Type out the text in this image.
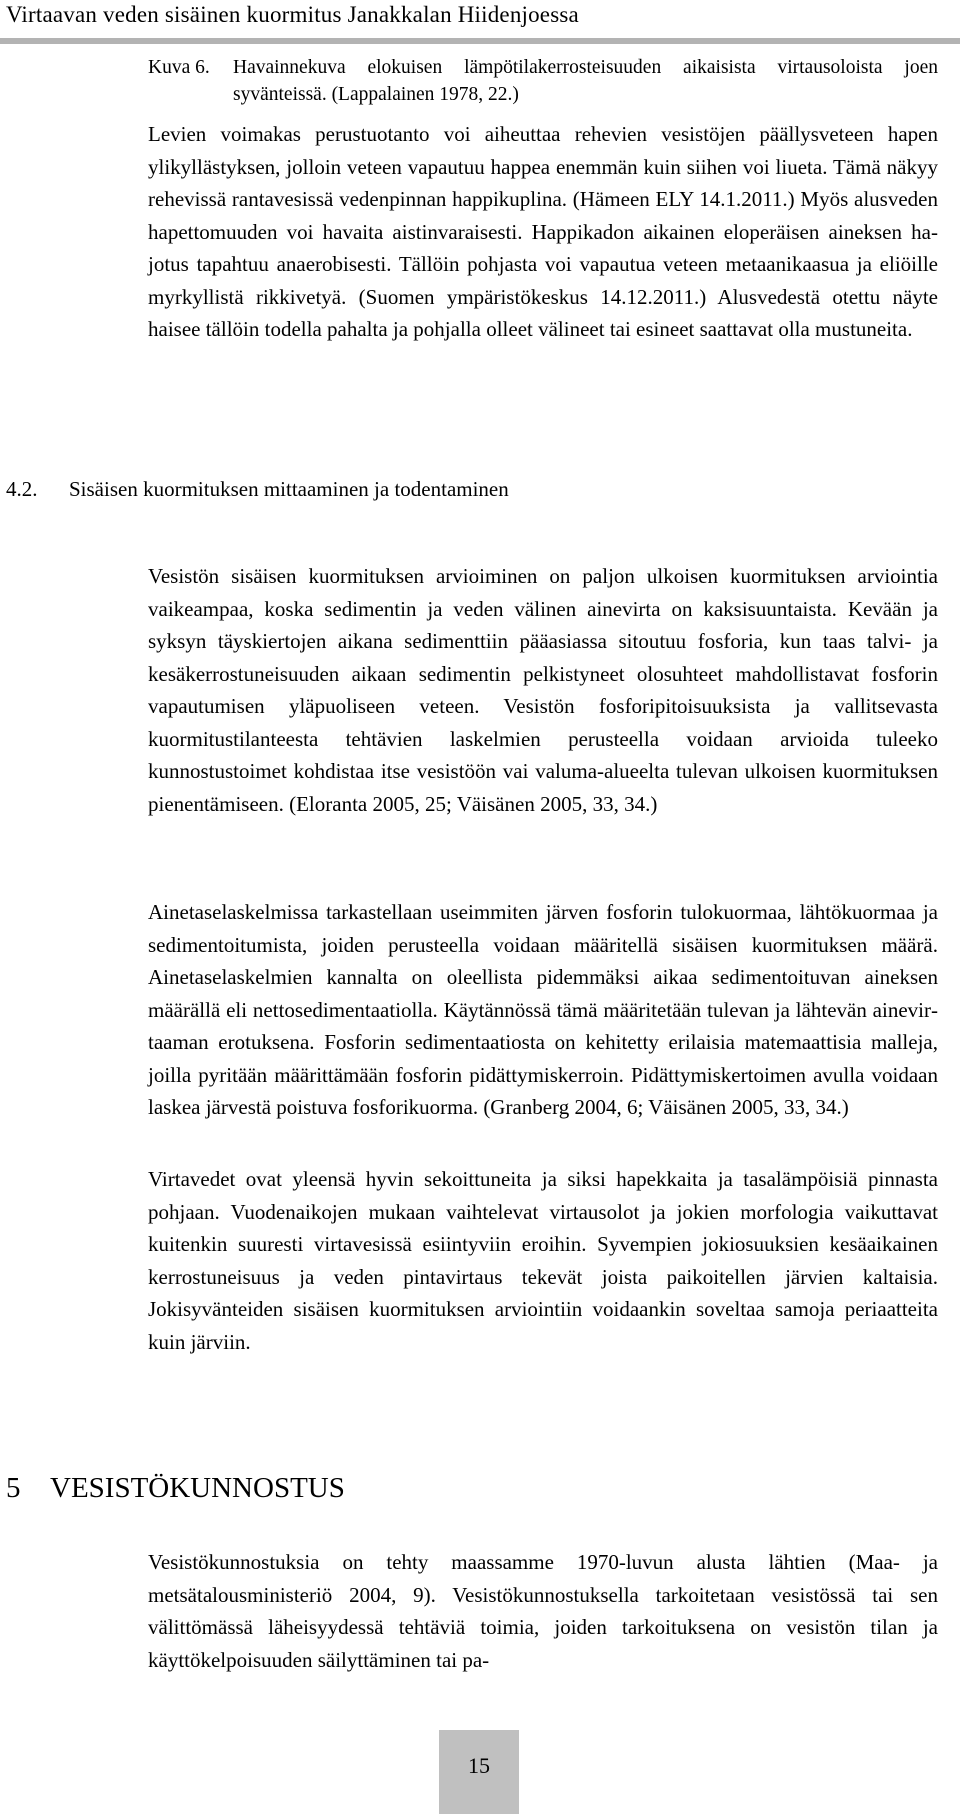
Virtaavan veden sisäinen kuormitus Janakkalan Hiidenjoessa
Kuva 6. Havainnekuva elokuisen lämpötilakerrosteisuuden aikaisista virtausoloista joen syvänteissä. (Lappalainen 1978, 22.)

Levien voimakas perustuotanto voi aiheuttaa rehevien vesistöjen päällysveteen hapen ylikyllästyksen, jolloin veteen vapautuu happea enemmän kuin siihen voi liueta. Tämä näkyy rehevissä rantavesissä vedenpinnan happikuplina. (Hämeen ELY 14.1.2011.) Myös alusveden hapettomuuden voi havaita aistinvaraisesti. Happikadon aikainen eloperäisen aineksen hajotus tapahtuu anaerobisesti. Tällöin pohjasta voi vapautua veteen metaanikaasua ja eliöille myrkyllistä rikkivetyä. (Suomen ympäristökeskus 14.12.2011.) Alusvedestä otettu näyte haisee tällöin todella pahalta ja pohjalla olleet välineet tai esineet saattavat olla mustuneita.

4.2. Sisäisen kuormituksen mittaaminen ja todentaminen

Vesistön sisäisen kuormituksen arvioiminen on paljon ulkoisen kuormituksen arviointia vaikeampaa, koska sedimentin ja veden välinen ainevirta on kaksisuuntaista. Kevään ja syksyn täyskiertojen aikana sedimenttiin pääasiassa sitoutuu fosforia, kun taas talvi- ja kesäkerrostuneisuuden aikaan sedimentin pelkistyneet olosuhteet mahdollistavat fosforin vapautumisen yläpuoliseen veteen. Vesistön fosforipitoisuuksista ja vallitsevasta kuormitustilanteesta tehtävien laskelmien perusteella voidaan arvioida tuleeko kunnostustoimet kohdistaa itse vesistöön vai valuma-alueelta tulevan ulkoisen kuormituksen pienentämiseen. (Eloranta 2005, 25; Väisänen 2005, 33, 34.)

Ainetaselaskelmissa tarkastellaan useimmiten järven fosforin tulokuormaa, lähtökuormaa ja sedimentoitumista, joiden perusteella voidaan määritellä sisäisen kuormituksen määrä. Ainetaselaskelmien kannalta on oleellista pidemmäksi aikaa sedimentoituvan aineksen määrällä eli nettosedimentaatiolla. Käytännössä tämä määritetään tulevan ja lähtevän ainevirtaaman erotuksena. Fosforin sedimentaatiosta on kehitetty erilaisia matemaattisia malleja, joilla pyritään määrittämään fosforin pidättymiskerroin. Pidättymiskertoimen avulla voidaan laskea järvestä poistuva fosforikuorma. (Granberg 2004, 6; Väisänen 2005, 33, 34.)

Virtavedet ovat yleensä hyvin sekoittuneita ja siksi hapekkaita ja tasalämpöisiä pinnasta pohjaan. Vuodenaikojen mukaan vaihtelevat virtausolot ja jokien morfologia vaikuttavat kuitenkin suuresti virtavesissä esiintyviin eroihin. Syvempien jokiosuuksien kesäaikainen kerrostuneisuus ja veden pintavirtaus tekevät joista paikoitellen järvien kaltaisia. Jokisyvänteiden sisäisen kuormituksen arviointiin voidaankin soveltaa samoja periaatteita kuin järviin.

5 VESISTÖKUNNOSTUS

Vesistökunnostuksia on tehty maassamme 1970-luvun alusta lähtien (Maa- ja metsätalousministeriö 2004, 9). Vesistökunnostuksella tarkoitetaan vesistössä tai sen välittömässä läheisyydessä tehtäviä toimia, joiden tarkoituksena on vesistön tilan ja käyttökelpoisuuden säilyttäminen tai pa-

15
